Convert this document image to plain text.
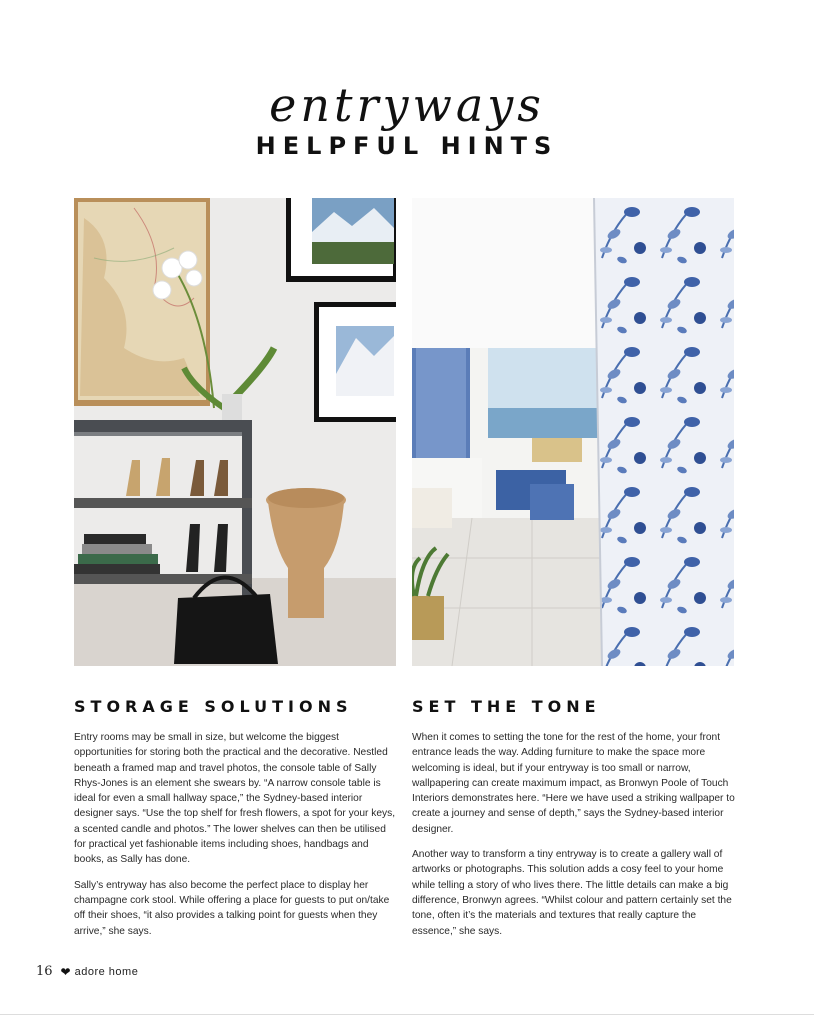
entryways
HELPFUL HINTS
STORAGE SOLUTIONS

Entry rooms may be small in size, but welcome the biggest opportunities for storing both the practical and the decorative. Nestled beneath a framed map and travel photos, the console table of Sally Rhys-Jones is an element she swears by. “A narrow console table is ideal for even a small hallway space,” the Sydney-based interior designer says. “Use the top shelf for fresh flowers, a spot for your keys, a scented candle and photos.” The lower shelves can then be utilised for practical yet fashionable items including shoes, handbags and books, as Sally has done.

Sally’s entryway has also become the perfect place to display her champagne cork stool. While offering a place for guests to put on/take off their shoes, “it also provides a talking point for guests when they arrive,” she says.

SET THE TONE

When it comes to setting the tone for the rest of the home, your front entrance leads the way. Adding furniture to make the space more welcoming is ideal, but if your entryway is too small or narrow, wallpapering can create maximum impact, as Bronwyn Poole of Touch Interiors demonstrates here. “Here we have used a striking wallpaper to create a journey and sense of depth,” says the Sydney-based interior designer.

Another way to transform a tiny entryway is to create a gallery wall of artworks or photographs. This solution adds a cosy feel to your home while telling a story of who lives there. The little details can make a big difference, Bronwyn agrees. “Whilst colour and pattern certainly set the tone, often it’s the materials and textures that really capture the essence,” she says.

16 ❤ adore home
